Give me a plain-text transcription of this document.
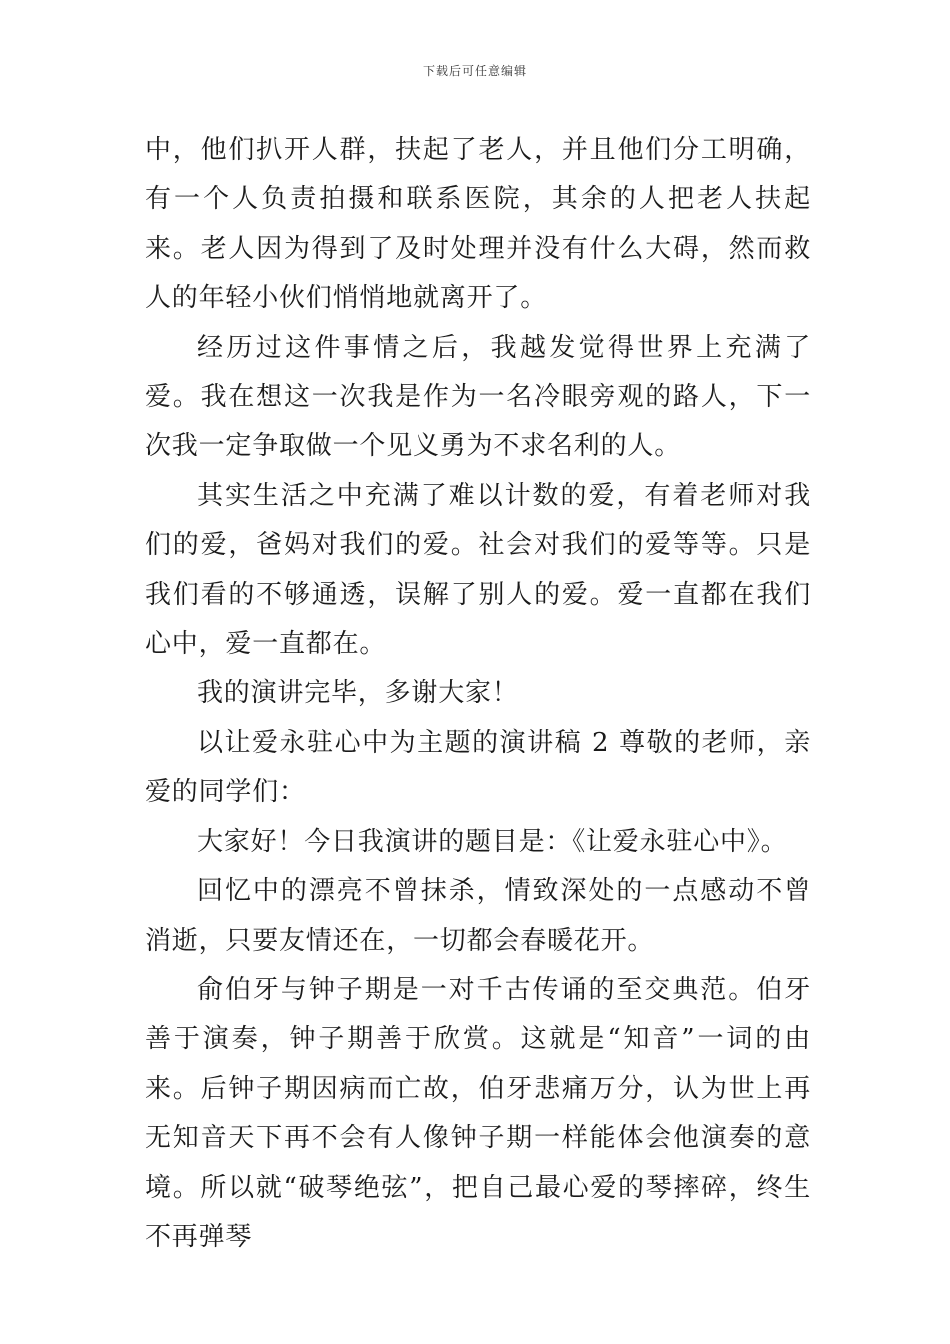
下载后可任意编辑

中，他们扒开人群，扶起了老人，并且他们分工明确，有一个人负责拍摄和联系医院，其余的人把老人扶起来。老人因为得到了及时处理并没有什么大碍，然而救人的年轻小伙们悄悄地就离开了。

经历过这件事情之后，我越发觉得世界上充满了爱。我在想这一次我是作为一名冷眼旁观的路人，下一次我一定争取做一个见义勇为不求名利的人。

其实生活之中充满了难以计数的爱，有着老师对我们的爱，爸妈对我们的爱。社会对我们的爱等等。只是我们看的不够通透，误解了别人的爱。爱一直都在我们心中，爱一直都在。

我的演讲完毕，多谢大家！

以让爱永驻心中为主题的演讲稿 2 尊敬的老师，亲爱的同学们：

大家好！今日我演讲的题目是：《让爱永驻心中》。

回忆中的漂亮不曾抹杀，情致深处的一点感动不曾消逝，只要友情还在，一切都会春暖花开。

俞伯牙与钟子期是一对千古传诵的至交典范。伯牙善于演奏，钟子期善于欣赏。这就是“知音”一词的由来。后钟子期因病而亡故，伯牙悲痛万分，认为世上再无知音天下再不会有人像钟子期一样能体会他演奏的意境。所以就“破琴绝弦”，把自己最心爱的琴摔碎，终生不再弹琴
